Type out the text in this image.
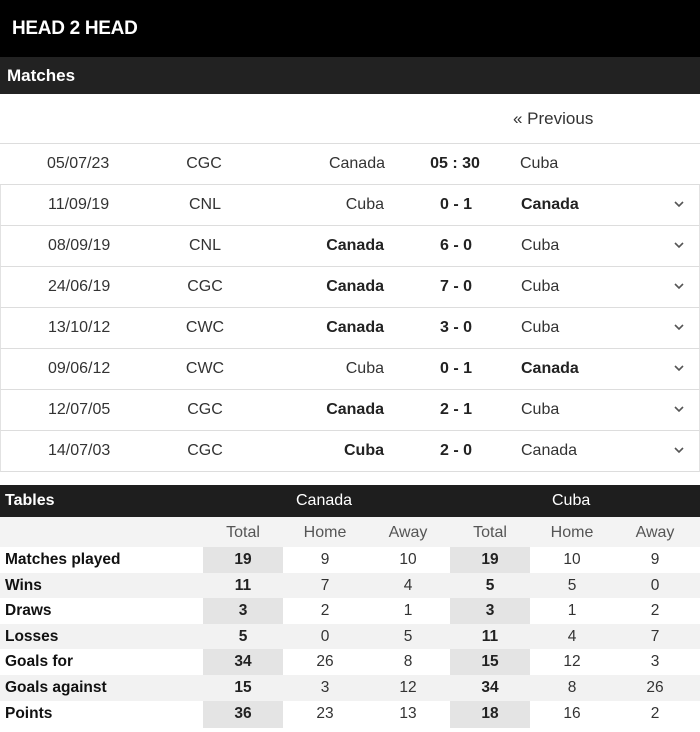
HEAD 2 HEAD
Matches
« Previous
05/07/23	CGC	Canada	05 : 30	Cuba
11/09/19	CNL	Cuba	0 - 1	Canada
08/09/19	CNL	Canada	6 - 0	Cuba
24/06/19	CGC	Canada	7 - 0	Cuba
13/10/12	CWC	Canada	3 - 0	Cuba
09/06/12	CWC	Cuba	0 - 1	Canada
12/07/05	CGC	Canada	2 - 1	Cuba
14/07/03	CGC	Cuba	2 - 0	Canada
Tables	Canada	Cuba
Total	Home	Away	Total	Home	Away
Matches played	19	9	10	19	10	9
Wins	11	7	4	5	5	0
Draws	3	2	1	3	1	2
Losses	5	0	5	11	4	7
Goals for	34	26	8	15	12	3
Goals against	15	3	12	34	8	26
Points	36	23	13	18	16	2
